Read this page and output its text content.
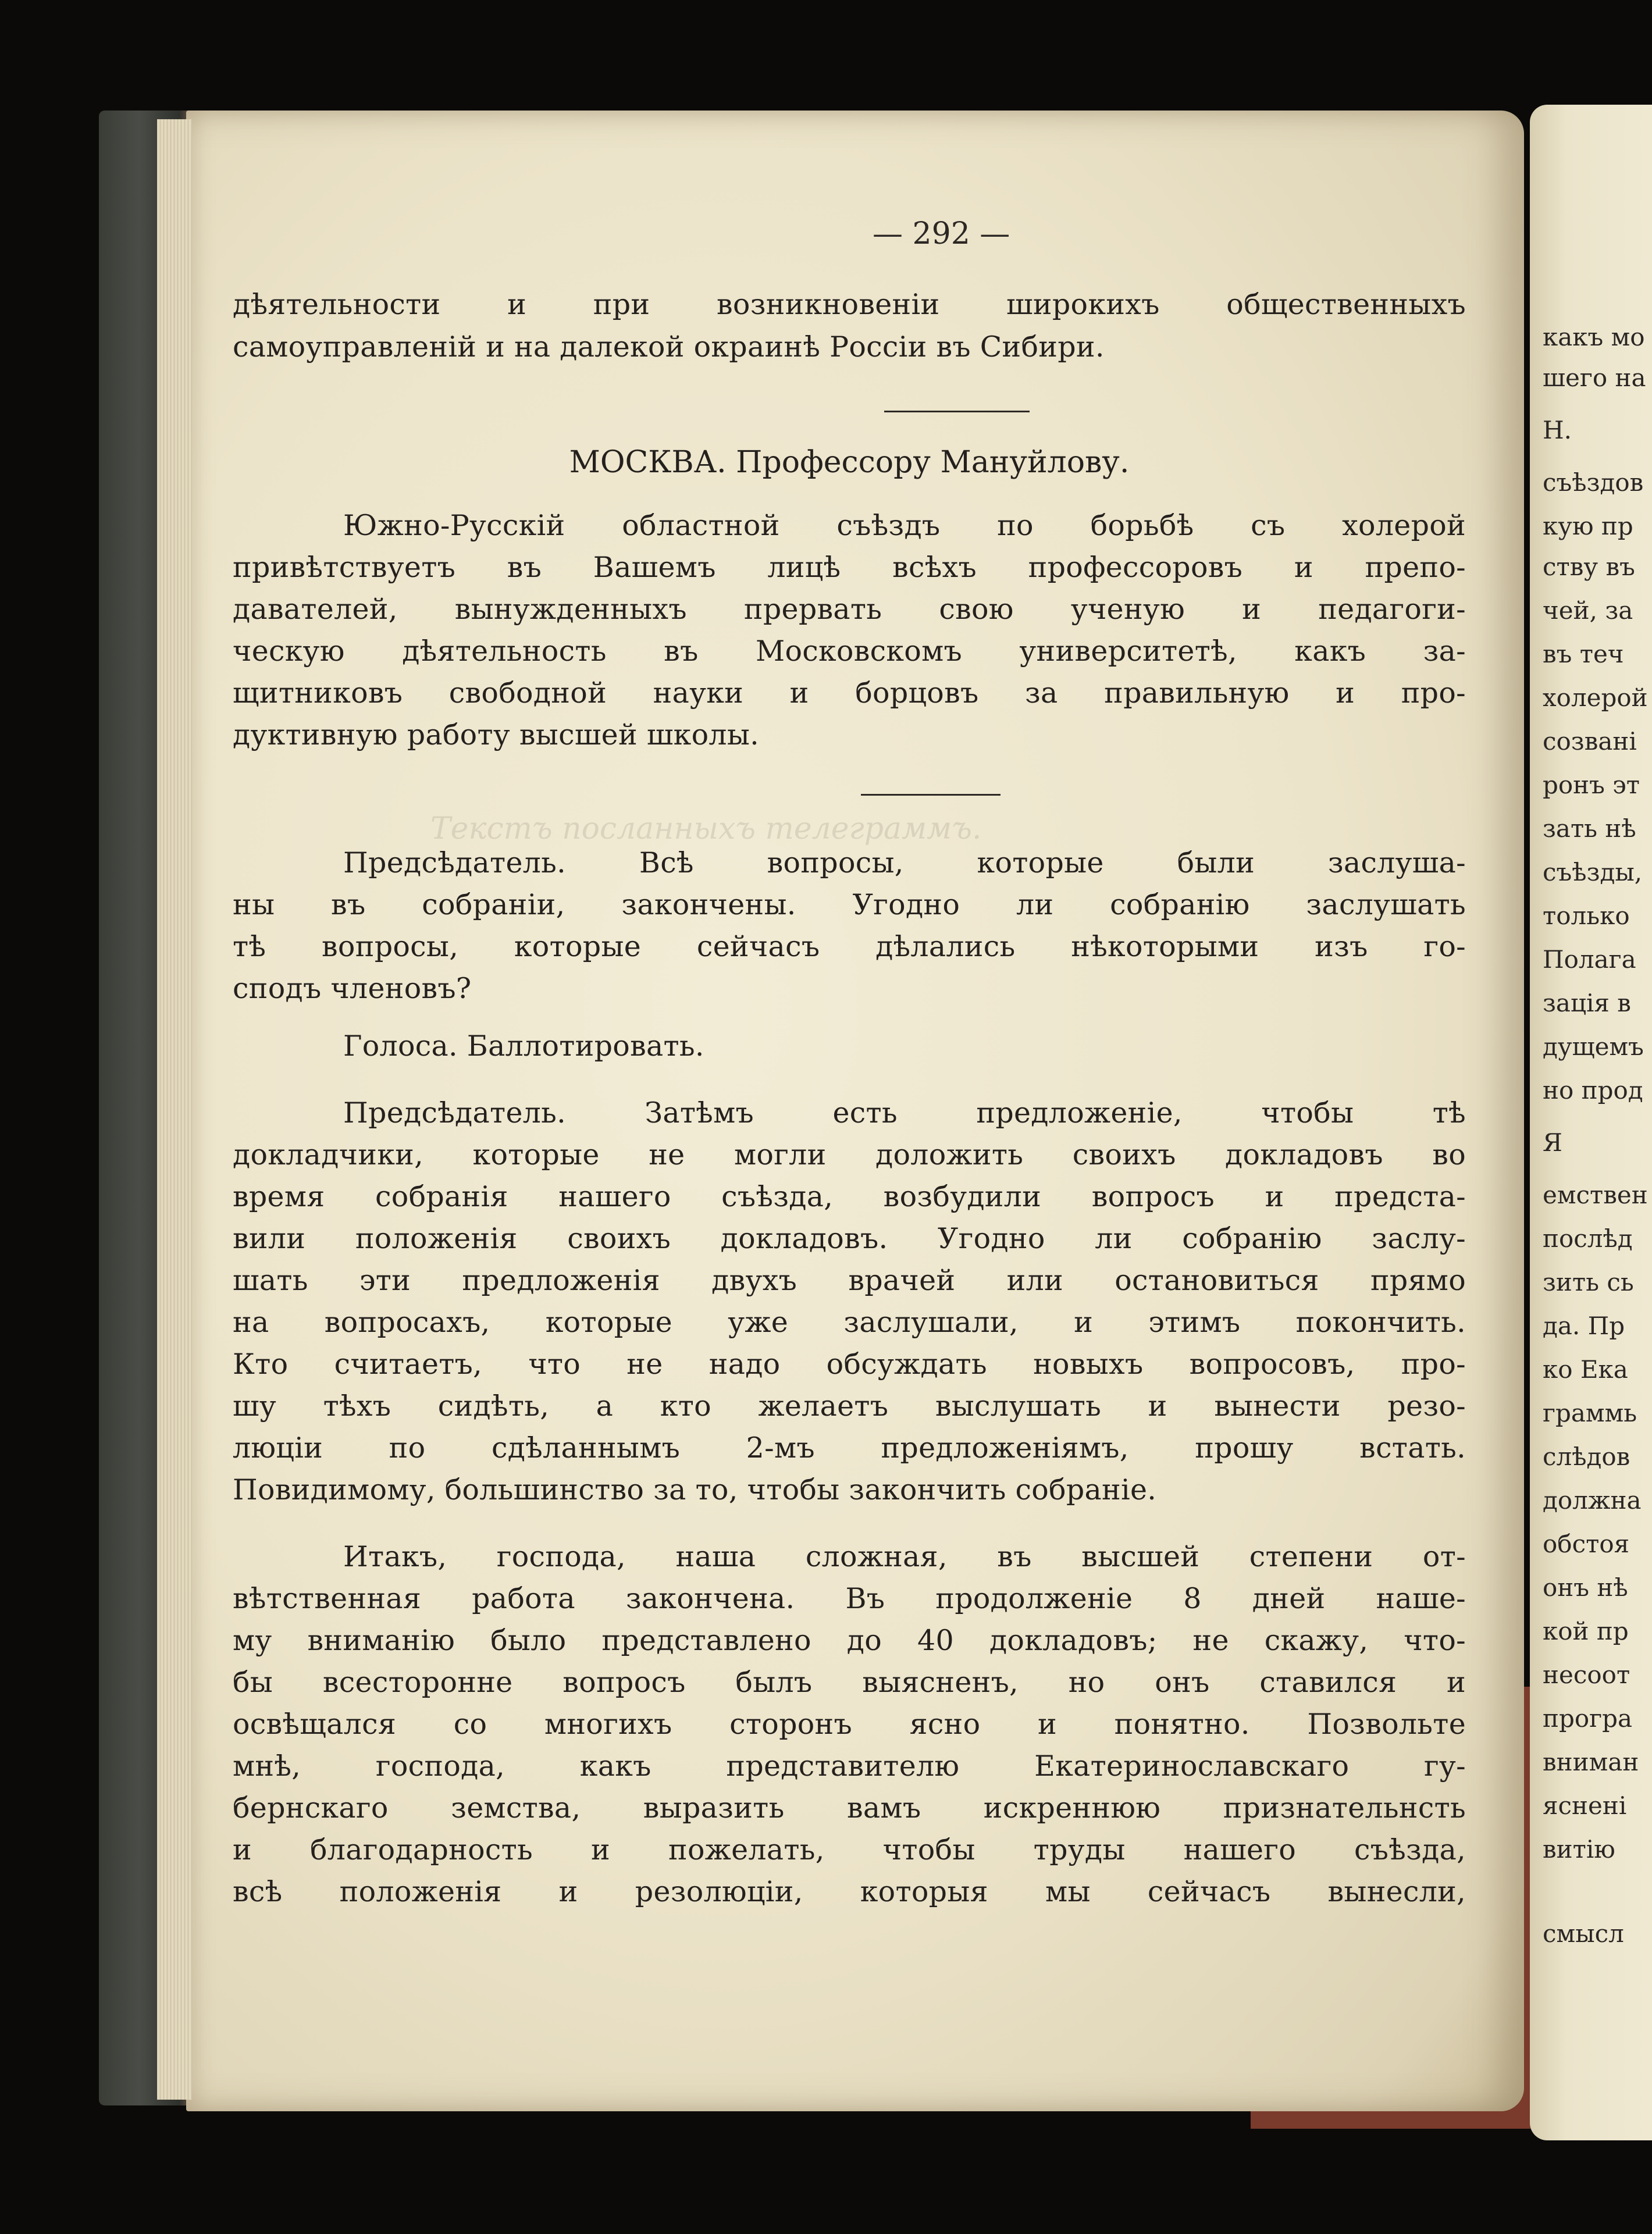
какъ мо
шего на
Н.
съѣздов
кую пр
ству въ
чей, за
въ теч
холерой
созванi
ронъ эт
зать нѣ
съѣзды,
только
Полага
зацiя в
дущемъ
но прод
Я
емствен
послѣд
зить сь
да. Пр
ко Ека
граммь
слѣдов
должна
обстоя
онъ нѣ
кой пр
несоот
програ
вниман
ясненi
витiю
смысл
Текстъ посланныхъ телеграммъ.
— 292 —
дѣятельности и при возникновенiи широкихъ общественныхъ
самоуправленiй и на далекой окраинѣ Россiи въ Сибири.
МОСКВА. Профессору Мануйлову.
Южно-Русскiй областной съѣздъ по борьбѣ съ холерой
привѣтствуетъ въ Вашемъ лицѣ всѣхъ профессоровъ и препо-
давателей, вынужденныхъ прервать свою ученую и педагоги-
ческую дѣятельность въ Московскомъ университетѣ, какъ за-
щитниковъ свободной науки и борцовъ за правильную и про-
дуктивную работу высшей школы.
Предсѣдатель. Всѣ вопросы, которые были заслуша-
ны въ собранiи, закончены. Угодно ли собранiю заслушать
тѣ вопросы, которые сейчасъ дѣлались нѣкоторыми изъ го-
сподъ членовъ?
Голоса. Баллотировать.
Предсѣдатель. Затѣмъ есть предложенiе, чтобы тѣ
докладчики, которые не могли доложить своихъ докладовъ во
время собранiя нашего съѣзда, возбудили вопросъ и предста-
вили положенiя своихъ докладовъ. Угодно ли собранiю заслу-
шать эти предложенiя двухъ врачей или остановиться прямо
на вопросахъ, которые уже заслушали, и этимъ покончить.
Кто считаетъ, что не надо обсуждать новыхъ вопросовъ, про-
шу тѣхъ сидѣть, а кто желаетъ выслушать и вынести резо-
люцiи по сдѣланнымъ 2-мъ предложенiямъ, прошу встать.
Повидимому, большинство за то, чтобы закончить собранiе.
Итакъ, господа, наша сложная, въ высшей степени от-
вѣтственная работа закончена. Въ продолженiе 8 дней наше-
му вниманiю было представлено до 40 докладовъ; не скажу, что-
бы всесторонне вопросъ былъ выясненъ, но онъ ставился и
освѣщался со многихъ сторонъ ясно и понятно. Позвольте
мнѣ, господа, какъ представителю Екатеринославскаго гу-
бернскаго земства, выразить вамъ искреннюю признательнсть
и благодарность и пожелать, чтобы труды нашего съѣзда,
всѣ положенiя и резолюцiи, которыя мы сейчасъ вынесли,
